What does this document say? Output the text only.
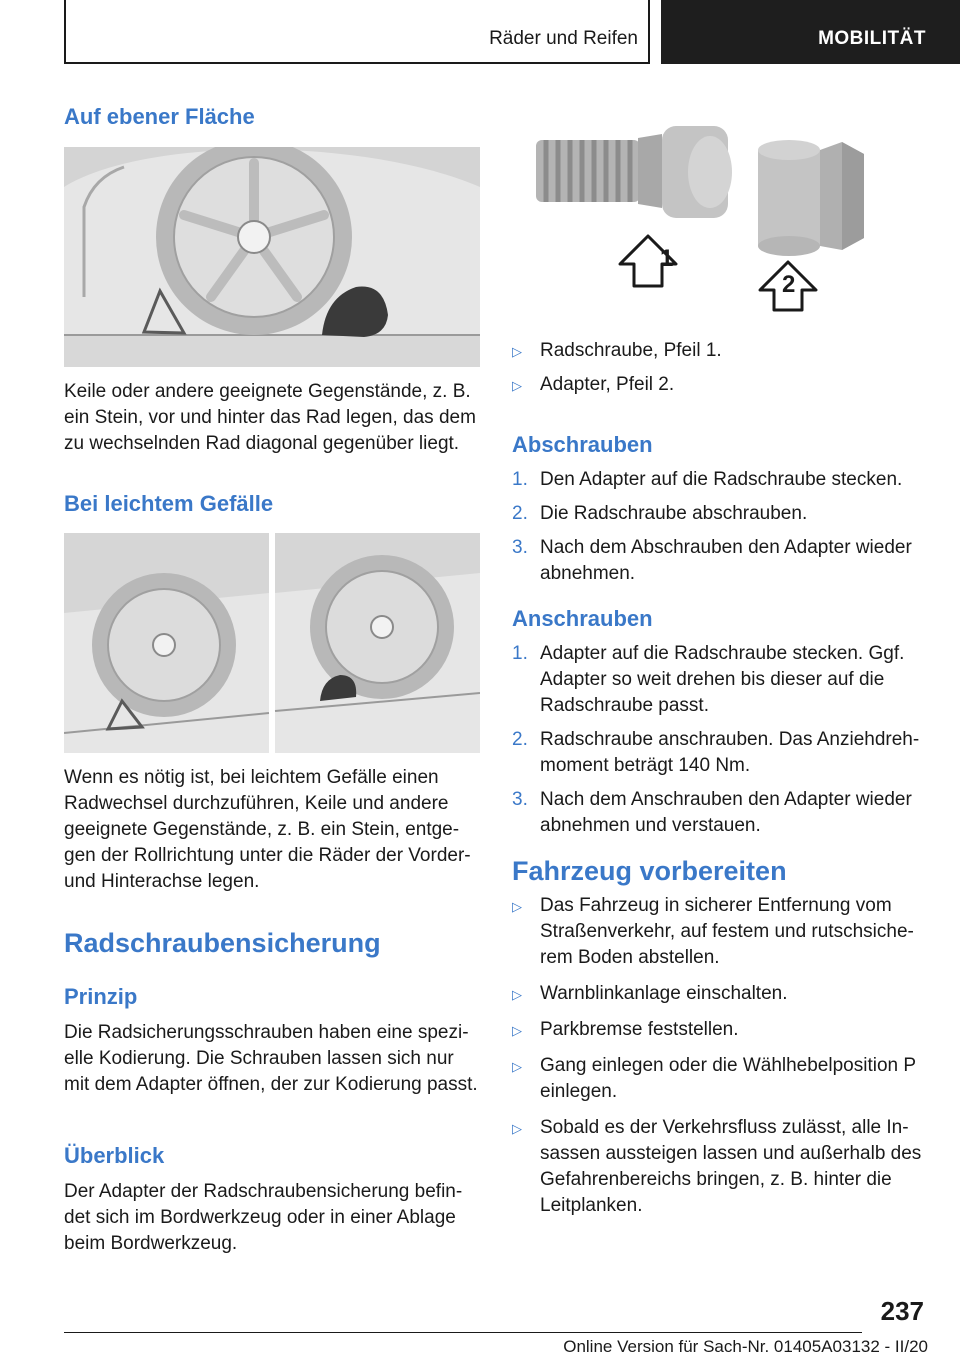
Räder und Reifen	MOBILITÄT
Auf ebener Fläche

Keile oder andere geeignete Gegenstände, z. B. ein Stein, vor und hinter das Rad legen, das dem zu wechselnden Rad diagonal gegenüber liegt.

Bei leichtem Gefälle

Wenn es nötig ist, bei leichtem Gefälle einen Radwechsel durchzuführen, Keile und andere geeignete Gegenstände, z. B. ein Stein, entge‐gen der Rollrichtung unter die Räder der Vorder‐ und Hinterachse legen.

Radschraubensicherung
Prinzip

Die Radsicherungsschrauben haben eine spezi‐elle Kodierung. Die Schrauben lassen sich nur mit dem Adapter öffnen, der zur Kodierung passt.

Überblick

Der Adapter der Radschraubensicherung befin‐det sich im Bordwerkzeug oder in einer Ablage beim Bordwerkzeug.

1
2
▷ Radschraube, Pfeil 1.
▷ Adapter, Pfeil 2.
Abschrauben
1. Den Adapter auf die Radschraube stecken.
2. Die Radschraube abschrauben.
3. Nach dem Abschrauben den Adapter wieder abnehmen.
Anschrauben
1. Adapter auf die Radschraube stecken. Ggf. Adapter so weit drehen bis dieser auf die Radschraube passt.
2. Radschraube anschrauben. Das Anziehdreh‐moment beträgt 140 Nm.
3. Nach dem Anschrauben den Adapter wieder abnehmen und verstauen.
Fahrzeug vorbereiten
▷ Das Fahrzeug in sicherer Entfernung vom Straßenverkehr, auf festem und rutschsiche‐rem Boden abstellen.
▷ Warnblinkanlage einschalten.
▷ Parkbremse feststellen.
▷ Gang einlegen oder die Wählhebelposition P einlegen.
▷ Sobald es der Verkehrsfluss zulässt, alle In‐sassen aussteigen lassen und außerhalb des Gefahrenbereichs bringen, z. B. hinter die Leitplanken.
237
Online Version für Sach-Nr. 01405A03132 - II/20
